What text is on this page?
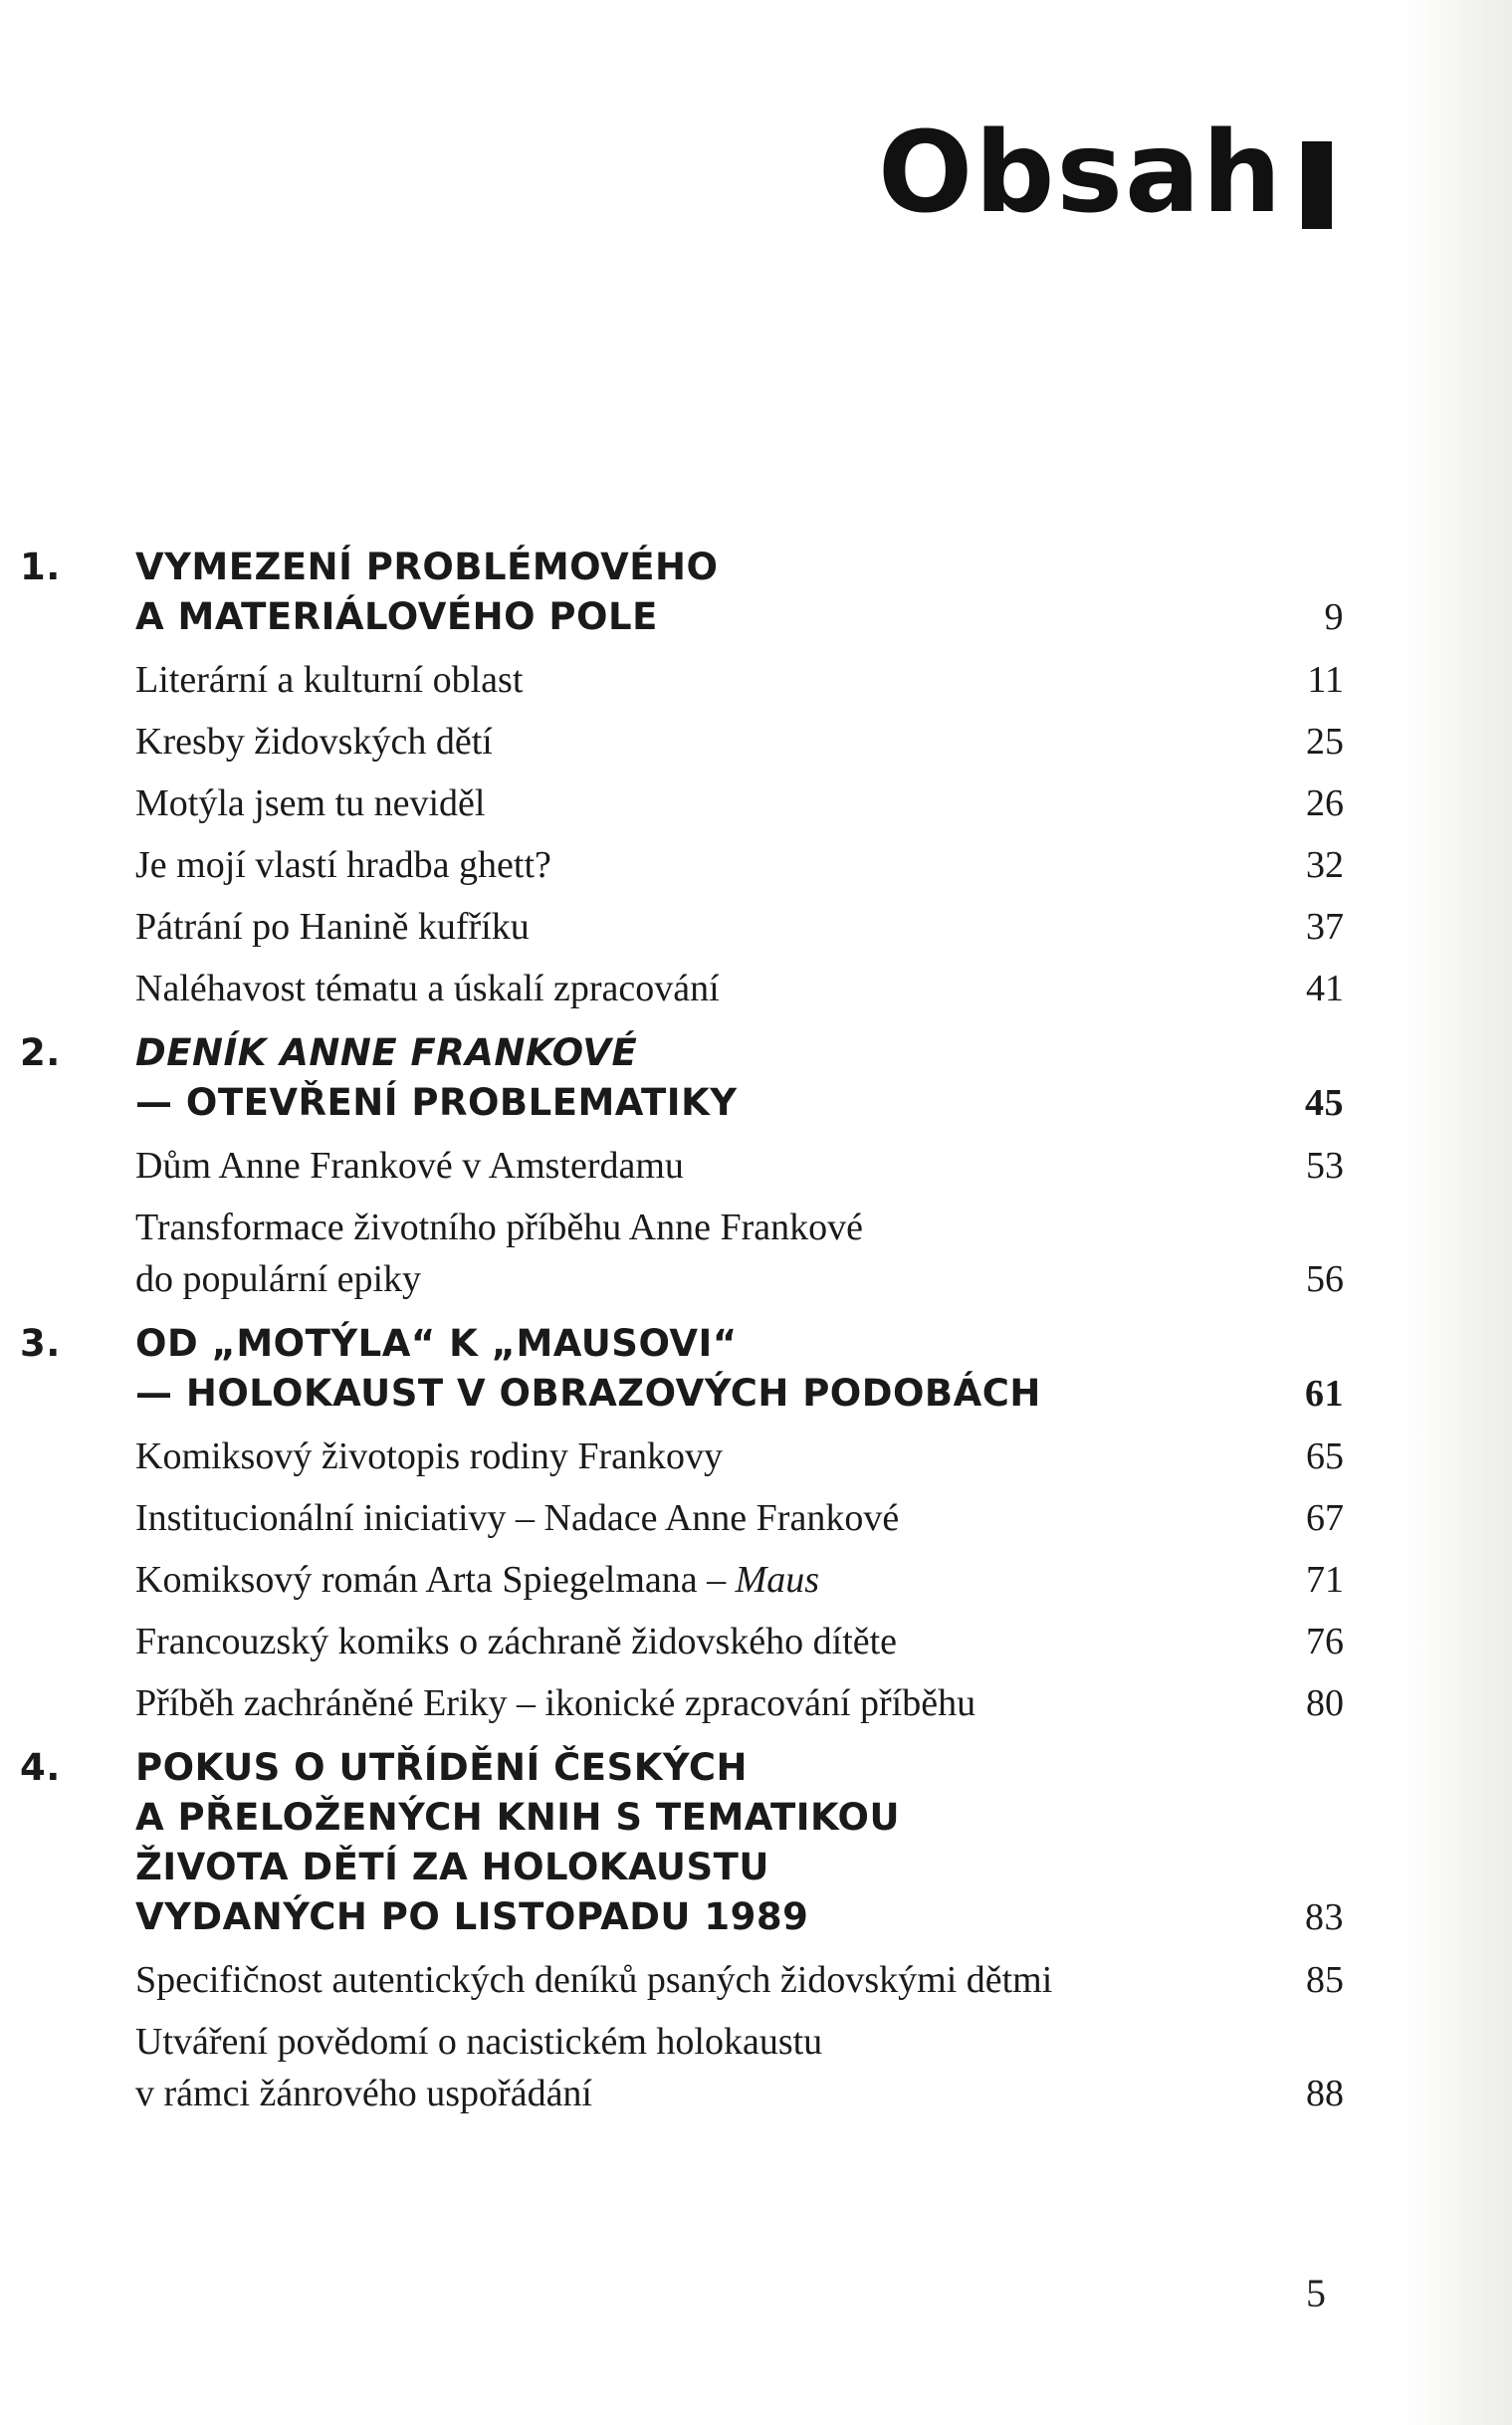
Obsah
1.	VYMEZENÍ PROBLÉMOVÉHO
A MATERIÁLOVÉHO POLE	9
Literární a kulturní oblast	11
Kresby židovských dětí	25
Motýla jsem tu neviděl	26
Je mojí vlastí hradba ghett?	32
Pátrání po Hanině kufříku	37
Naléhavost tématu a úskalí zpracování	41
2.	DENÍK ANNE FRANKOVÉ
— OTEVŘENÍ PROBLEMATIKY	45
Dům Anne Frankové v Amsterdamu	53
Transformace životního příběhu Anne Frankové
do populární epiky	56
3.	OD „MOTÝLA“ K „MAUSOVI“
— HOLOKAUST V OBRAZOVÝCH PODOBÁCH	61
Komiksový životopis rodiny Frankovy	65
Institucionální iniciativy – Nadace Anne Frankové	67
Komiksový román Arta Spiegelmana – Maus	71
Francouzský komiks o záchraně židovského dítěte	76
Příběh zachráněné Eriky – ikonické zpracování příběhu	80
4.	POKUS O UTŘÍDĚNÍ ČESKÝCH
A PŘELOŽENÝCH KNIH S TEMATIKOU
ŽIVOTA DĚTÍ ZA HOLOKAUSTU
VYDANÝCH PO LISTOPADU 1989	83
Specifičnost autentických deníků psaných židovskými dětmi	85
Utváření povědomí o nacistickém holokaustu
v rámci žánrového uspořádání	88
5
